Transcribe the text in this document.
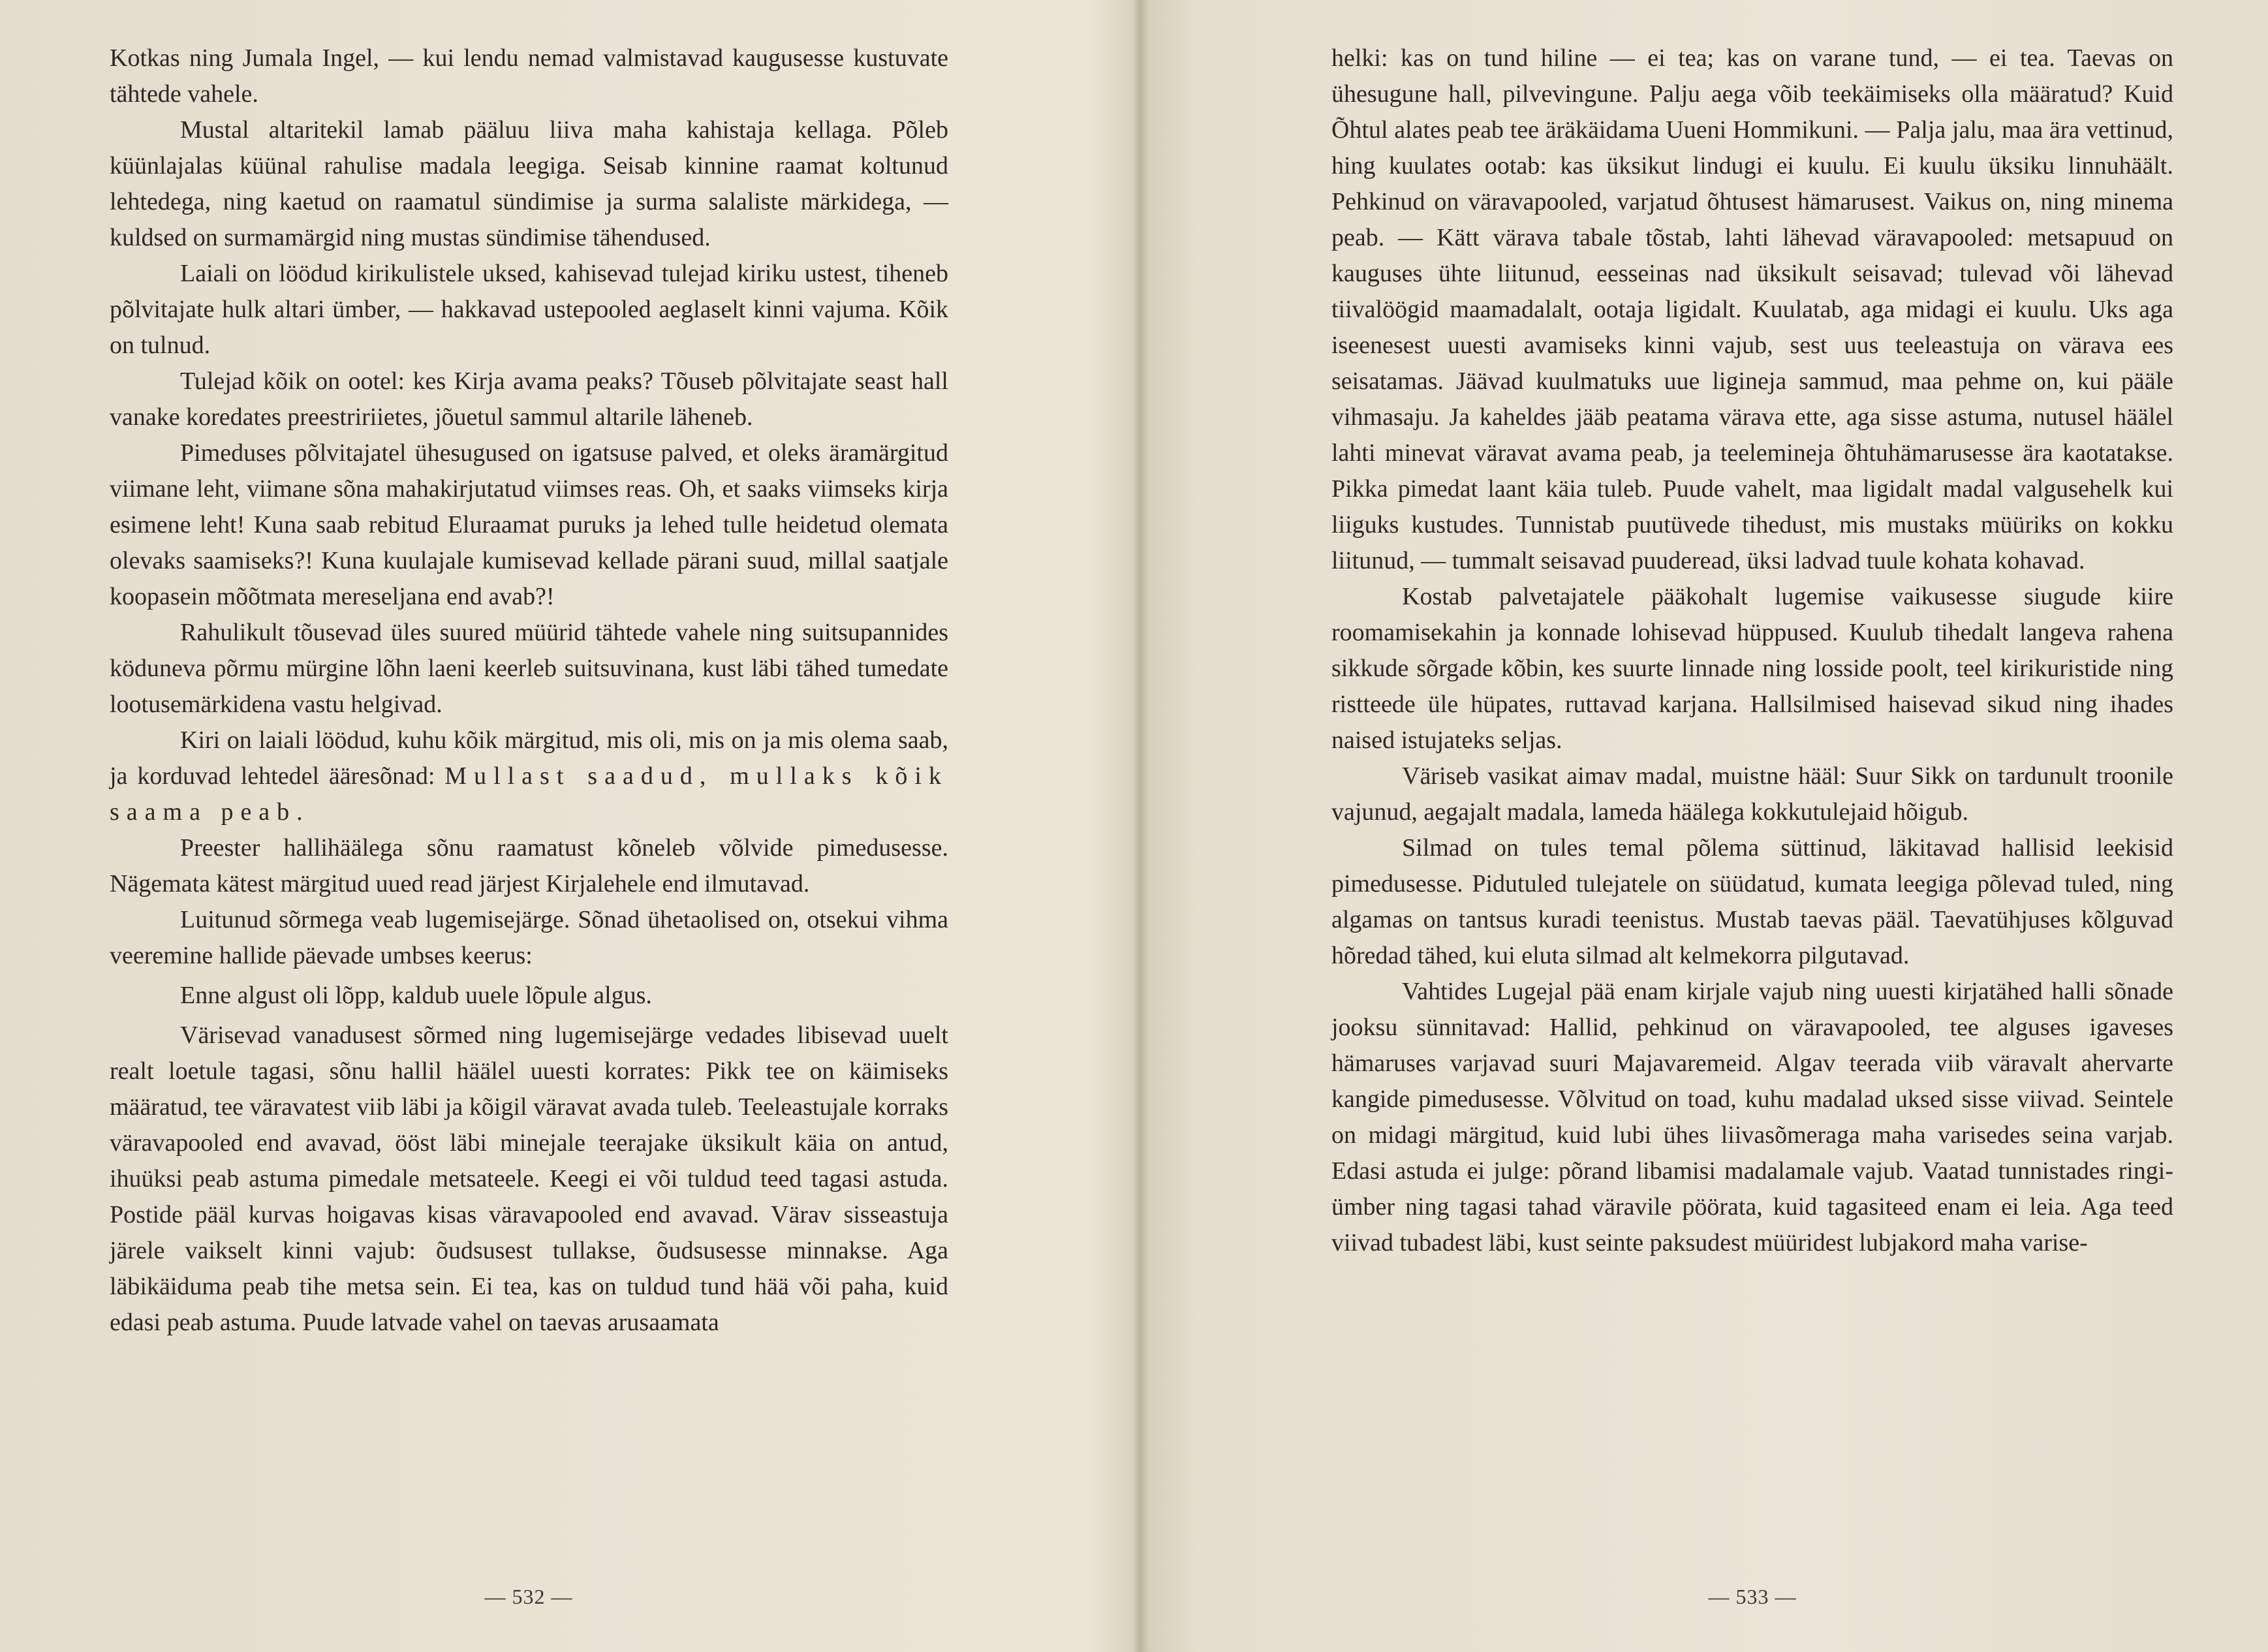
Kotkas ning Jumala Ingel, — kui lendu nemad valmistavad kaugusesse kustuvate tähtede vahele.

Mustal altaritekil lamab pääluu liiva maha kahistaja kellaga. Põleb küünlajalas küünal rahulise madala leegiga. Seisab kinnine raamat koltunud lehtedega, ning kaetud on raamatul sündimise ja surma salaliste märkidega, — kuldsed on surmamärgid ning mustas sündimise tähendused.

Laiali on löödud kirikulistele uksed, kahisevad tulejad kiriku ustest, tiheneb põlvitajate hulk altari ümber, — hakkavad ustepooled aeglaselt kinni vajuma. Kõik on tulnud.

Tulejad kõik on ootel: kes Kirja avama peaks? Tõuseb põlvitajate seast hall vanake koredates preestririietes, jõuetul sammul altarile läheneb.

Pimeduses põlvitajatel ühesugused on igatsuse palved, et oleks äramärgitud viimane leht, viimane sõna mahakirjutatud viimses reas. Oh, et saaks viimseks kirja esimene leht! Kuna saab rebitud Eluraamat puruks ja lehed tulle heidetud olemata olevaks saamiseks?! Kuna kuulajale kumisevad kellade pärani suud, millal saatjale koopasein mõõtmata mereseljana end avab?!

Rahulikult tõusevad üles suured müürid tähtede vahele ning suitsupannides köduneva põrmu mürgine lõhn laeni keerleb suitsuvinana, kust läbi tähed tumedate lootusemärkidena vastu helgivad.

Kiri on laiali löödud, kuhu kõik märgitud, mis oli, mis on ja mis olema saab, ja korduvad lehtedel ääresõnad: Mullast saadud, mullaks kõik saama peab.

Preester hallihäälega sõnu raamatust kõneleb võlvide pimedusesse. Nägemata kätest märgitud uued read järjest Kirjalehele end ilmutavad.

Luitunud sõrmega veab lugemisejärge. Sõnad ühetaolised on, otsekui vihma veeremine hallide päevade umbses keerus:

Enne algust oli lõpp, kaldub uuele lõpule algus.

Värisevad vanadusest sõrmed ning lugemisejärge vedades libisevad uuelt realt loetule tagasi, sõnu hallil häälel uuesti korrates: Pikk tee on käimiseks määratud, tee väravatest viib läbi ja kõigil väravat avada tuleb. Teeleastujale korraks väravapooled end avavad, ööst läbi minejale teerajake üksikult käia on antud, ihuüksi peab astuma pimedale metsateele. Keegi ei või tuldud teed tagasi astuda. Postide pääl kurvas hoigavas kisas väravapooled end avavad. Värav sisseastuja järele vaikselt kinni vajub: õudsusest tullakse, õudsusesse minnakse. Aga läbikäiduma peab tihe metsa sein. Ei tea, kas on tuldud tund hää või paha, kuid edasi peab astuma. Puude latvade vahel on taevas arusaamata

— 532 —

helki: kas on tund hiline — ei tea; kas on varane tund, — ei tea. Taevas on ühesugune hall, pilvevingune. Palju aega võib teekäimiseks olla määratud? Kuid Õhtul alates peab tee äräkäidama Uueni Hommikuni. — Palja jalu, maa ära vettinud, hing kuulates ootab: kas üksikut lindugi ei kuulu. Ei kuulu üksiku linnuhäält. Pehkinud on väravapooled, varjatud õhtusest hämarusest. Vaikus on, ning minema peab. — Kätt värava tabale tõstab, lahti lähevad väravapooled: metsapuud on kauguses ühte liitunud, eesseinas nad üksikult seisavad; tulevad või lähevad tiivalöögid maamadalalt, ootaja ligidalt. Kuulatab, aga midagi ei kuulu. Uks aga iseenesest uuesti avamiseks kinni vajub, sest uus teeleastuja on värava ees seisatamas. Jäävad kuulmatuks uue ligineja sammud, maa pehme on, kui pääle vihmasaju. Ja kaheldes jääb peatama värava ette, aga sisse astuma, nutusel häälel lahti minevat väravat avama peab, ja teelemineja õhtuhämarusesse ära kaotatakse. Pikka pimedat laant käia tuleb. Puude vahelt, maa ligidalt madal valgusehelk kui liiguks kustudes. Tunnistab puutüvede tihedust, mis mustaks müüriks on kokku liitunud, — tummalt seisavad puuderead, üksi ladvad tuule kohata kohavad.

Kostab palvetajatele pääkohalt lugemise vaikusesse siugude kiire roomamisekahin ja konnade lohisevad hüppused. Kuulub tihedalt langeva rahena sikkude sõrgade kõbin, kes suurte linnade ning losside poolt, teel kirikuristide ning ristteede üle hüpates, ruttavad karjana. Hallsilmised haisevad sikud ning ihades naised istujateks seljas.

Väriseb vasikat aimav madal, muistne hääl: Suur Sikk on tardunult troonile vajunud, aegajalt madala, lameda häälega kokkutulejaid hõigub.

Silmad on tules temal põlema süttinud, läkitavad hallisid leekisid pimedusesse. Pidutuled tulejatele on süüdatud, kumata leegiga põlevad tuled, ning algamas on tantsus kuradi teenistus. Mustab taevas pääl. Taevatühjuses kõlguvad hõredad tähed, kui eluta silmad alt kelmekorra pilgutavad.

Vahtides Lugejal pää enam kirjale vajub ning uuesti kirjatähed halli sõnade jooksu sünnitavad: Hallid, pehkinud on väravapooled, tee alguses igaveses hämaruses varjavad suuri Majavaremeid. Algav teerada viib väravalt ahervarte kangide pimedusesse. Võlvitud on toad, kuhu madalad uksed sisse viivad. Seintele on midagi märgitud, kuid lubi ühes liivasõmeraga maha varisedes seina varjab. Edasi astuda ei julge: põrand libamisi madalamale vajub. Vaatad tunnistades ringi-ümber ning tagasi tahad väravile pöörata, kuid tagasiteed enam ei leia. Aga teed viivad tubadest läbi, kust seinte paksudest müüridest lubjakord maha varise-

— 533 —
